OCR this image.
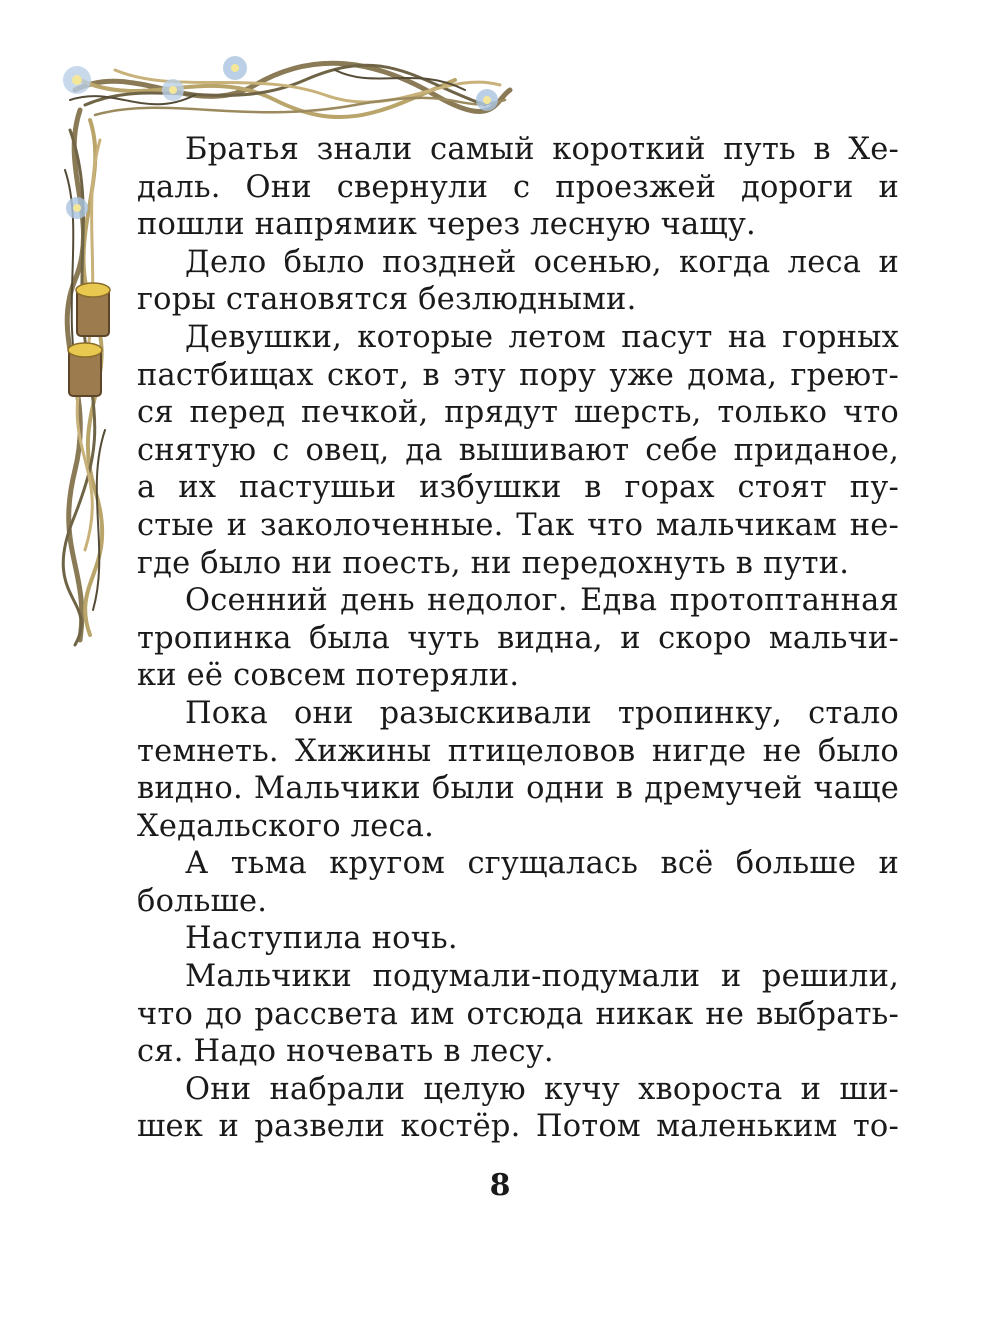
Братья знали самый короткий путь в Хе-
даль. Они свернули с проезжей дороги и
пошли напрямик через лесную чащу.
Дело было поздней осенью, когда леса и
горы становятся безлюдными.
Девушки, которые летом пасут на горных
пастбищах скот, в эту пору уже дома, греют-
ся перед печкой, прядут шерсть, только что
снятую с овец, да вышивают себе приданое,
а их пастушьи избушки в горах стоят пу-
стые и заколоченные. Так что мальчикам не-
где было ни поесть, ни передохнуть в пути.
Осенний день недолог. Едва протоптанная
тропинка была чуть видна, и скоро мальчи-
ки её совсем потеряли.
Пока они разыскивали тропинку, стало
темнеть. Хижины птицеловов нигде не было
видно. Мальчики были одни в дремучей чаще
Хедальского леса.
А тьма кругом сгущалась всё больше и
больше.
Наступила ночь.
Мальчики подумали-подумали и решили,
что до рассвета им отсюда никак не выбрать-
ся. Надо ночевать в лесу.
Они набрали целую кучу хвороста и ши-
шек и развели костёр. Потом маленьким то-
8
